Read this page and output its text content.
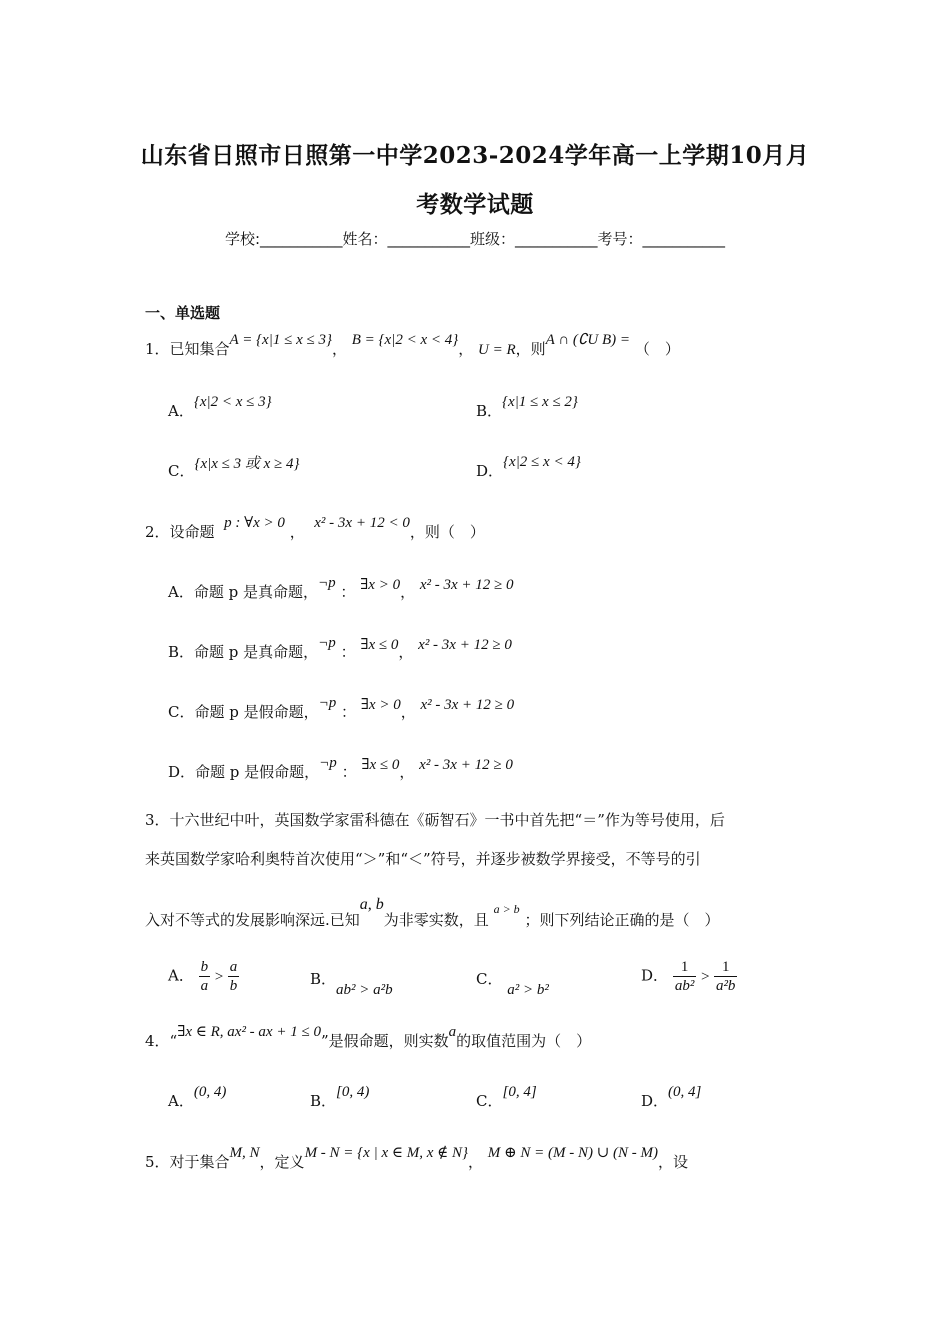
山东省日照市日照第一中学2023-2024学年高一上学期10月月
考数学试题
学校:___________姓名：___________班级：___________考号：___________
一、单选题
1．已知集合A = {x|1 ≤ x ≤ 3}， B = {x|2 < x < 4}， U = R，则A ∩ (∁U B) = （　）
A．{x|2 < x ≤ 3}	B．{x|1 ≤ x ≤ 2}
C．{x|x ≤ 3 或 x ≥ 4}	D．{x|2 ≤ x < 4}
2．设命题 p : ∀x > 0 ， x² - 3x + 12 < 0，则（　）
A．命题 p 是真命题，¬p ： ∃x > 0， x² - 3x + 12 ≥ 0
B．命题 p 是真命题，¬p ： ∃x ≤ 0， x² - 3x + 12 ≥ 0
C．命题 p 是假命题，¬p ： ∃x > 0， x² - 3x + 12 ≥ 0
D．命题 p 是假命题，¬p ： ∃x ≤ 0， x² - 3x + 12 ≥ 0
3．十六世纪中叶，英国数学家雷科德在《砺智石》一书中首先把“＝”作为等号使用，后
来英国数学家哈利奥特首次使用“＞”和“＜”符号，并逐步被数学界接受，不等号的引
入对不等式的发展影响深远.已知a, b为非零实数，且 $^{a > b}$ ；则下列结论正确的是（　）
A． $\frac{b}{a} > \frac{a}{b}$	B．ab² > a²b
C． a² > b²
D． $\frac{1}{\text{ab²}} > \frac{1}{\text{a²b}}$
4．“∃x ∈ R, ax² - ax + 1 ≤ 0”是假命题，则实数a的取值范围为（　）
A．(0, 4)	B．[0, 4)	C．[0, 4]	D．(0, 4]
5．对于集合M, N，定义M - N = {x | x ∈ M, x ∉ N}， M ⊕ N = (M - N) ∪ (N - M)，设
